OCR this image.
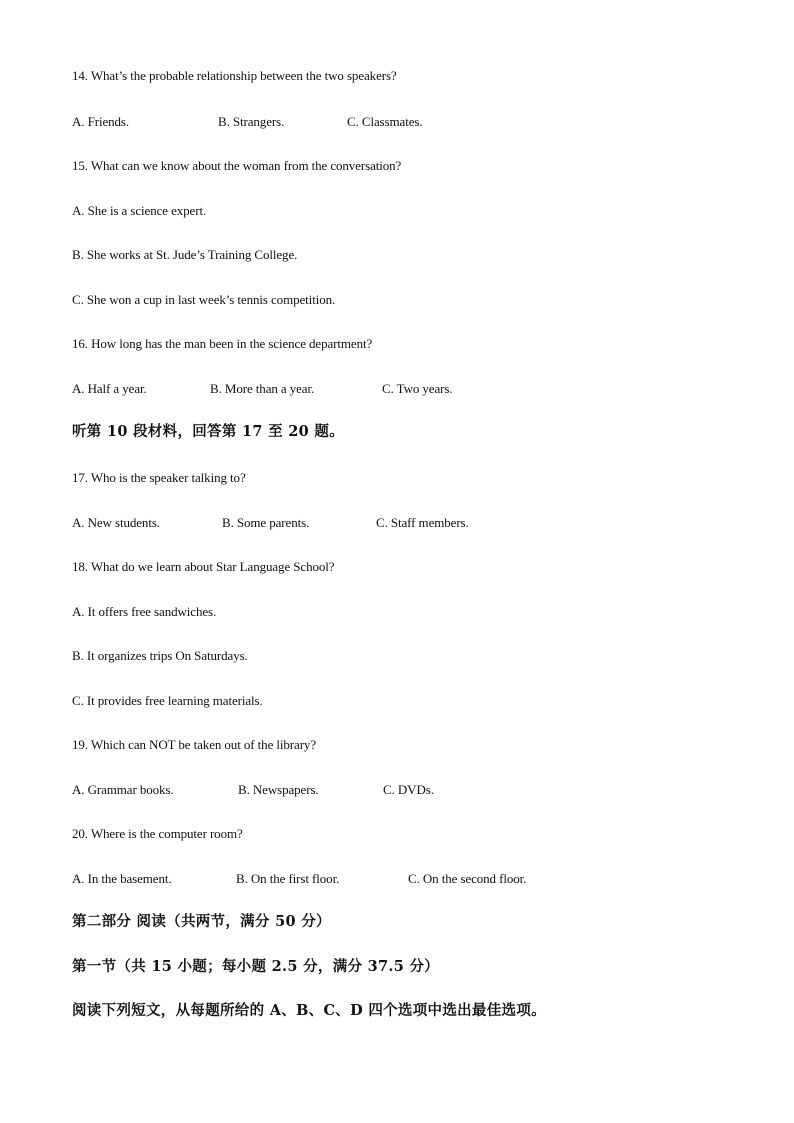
14. What’s the probable relationship between the two speakers?
A. Friends.	B. Strangers.	C. Classmates.
15. What can we know about the woman from the conversation?
A. She is a science expert.
B. She works at St. Jude’s Training College.
C. She won a cup in last week’s tennis competition.
16. How long has the man been in the science department?
A. Half a year.	B. More than a year.	C. Two years.
听第 10 段材料，回答第 17 至 20 题。
17. Who is the speaker talking to?
A. New students.	B. Some parents.	C. Staff members.
18. What do we learn about Star Language School?
A. It offers free sandwiches.
B. It organizes trips On Saturdays.
C. It provides free learning materials.
19. Which can NOT be taken out of the library?
A. Grammar books.	B. Newspapers.	C. DVDs.
20. Where is the computer room?
A. In the basement.	B. On the first floor.	C. On the second floor.
第二部分 阅读（共两节，满分 50 分）
第一节（共 15 小题；每小题 2.5 分，满分 37.5 分）
阅读下列短文，从每题所给的 A、B、C、D 四个选项中选出最佳选项。
